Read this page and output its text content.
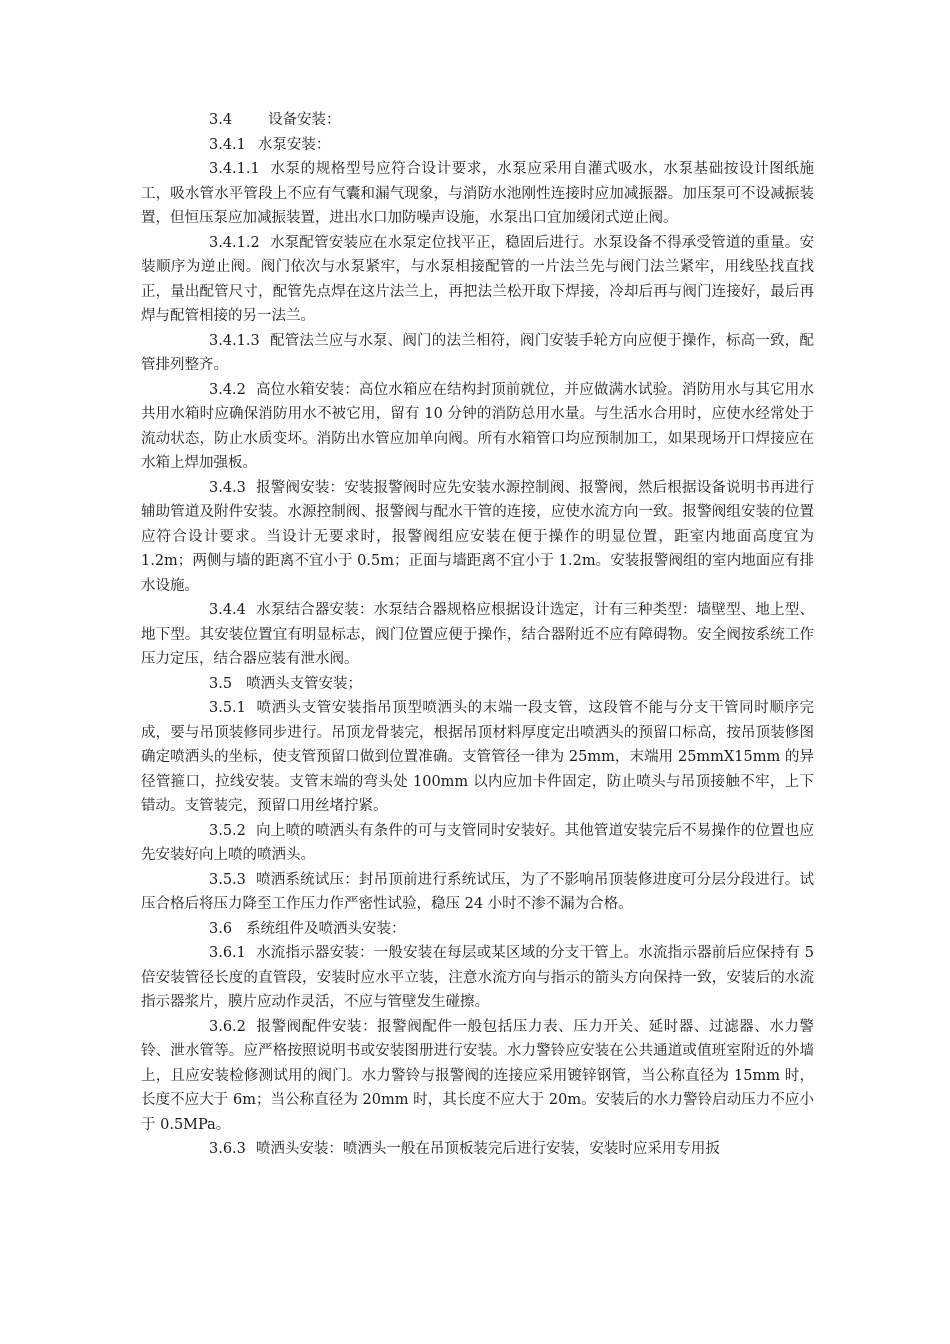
3.4 设备安装：

3.4.1 水泵安装：

3.4.1.1 水泵的规格型号应符合设计要求，水泵应采用自灌式吸水，水泵基础按设计图纸施工，吸水管水平管段上不应有气囊和漏气现象，与消防水池刚性连接时应加减振器。加压泵可不设减振装置，但恒压泵应加减振装置，进出水口加防噪声设施，水泵出口宜加缓闭式逆止阀。

3.4.1.2 水泵配管安装应在水泵定位找平正，稳固后进行。水泵设备不得承受管道的重量。安装顺序为逆止阀。阀门依次与水泵紧牢，与水泵相接配管的一片法兰先与阀门法兰紧牢，用线坠找直找正，量出配管尺寸，配管先点焊在这片法兰上，再把法兰松开取下焊接，冷却后再与阀门连接好，最后再焊与配管相接的另一法兰。

3.4.1.3 配管法兰应与水泵、阀门的法兰相符，阀门安装手轮方向应便于操作，标高一致，配管排列整齐。

3.4.2 高位水箱安装：高位水箱应在结构封顶前就位，并应做满水试验。消防用水与其它用水共用水箱时应确保消防用水不被它用，留有 10 分钟的消防总用水量。与生活水合用时，应使水经常处于流动状态，防止水质变坏。消防出水管应加单向阀。所有水箱管口均应预制加工，如果现场开口焊接应在水箱上焊加强板。

3.4.3 报警阀安装：安装报警阀时应先安装水源控制阀、报警阀，然后根据设备说明书再进行辅助管道及附件安装。水源控制阀、报警阀与配水干管的连接，应使水流方向一致。报警阀组安装的位置应符合设计要求。当设计无要求时，报警阀组应安装在便于操作的明显位置，距室内地面高度宜为 1.2m；两侧与墙的距离不宜小于 0.5m；正面与墙距离不宜小于 1.2m。安装报警阀组的室内地面应有排水设施。

3.4.4 水泵结合器安装：水泵结合器规格应根据设计选定，计有三种类型：墙壁型、地上型、地下型。其安装位置宜有明显标志，阀门位置应便于操作，结合器附近不应有障碍物。安全阀按系统工作压力定压，结合器应装有泄水阀。

3.5 喷洒头支管安装；

3.5.1 喷洒头支管安装指吊顶型喷洒头的末端一段支管，这段管不能与分支干管同时顺序完成，要与吊顶装修同步进行。吊顶龙骨装完，根据吊顶材料厚度定出喷洒头的预留口标高，按吊顶装修图确定喷洒头的坐标，使支管预留口做到位置准确。支管管径一律为 25mm，末端用 25mmΧ15mm 的异径管箍口，拉线安装。支管末端的弯头处 100mm 以内应加卡件固定，防止喷头与吊顶接触不牢，上下错动。支管装完，预留口用丝堵拧紧。

3.5.2 向上喷的喷洒头有条件的可与支管同时安装好。其他管道安装完后不易操作的位置也应先安装好向上喷的喷洒头。

3.5.3 喷洒系统试压：封吊顶前进行系统试压，为了不影响吊顶装修进度可分层分段进行。试压合格后将压力降至工作压力作严密性试验，稳压 24 小时不渗不漏为合格。

3.6 系统组件及喷洒头安装：

3.6.1 水流指示器安装：一般安装在每层或某区域的分支干管上。水流指示器前后应保持有 5 倍安装管径长度的直管段，安装时应水平立装，注意水流方向与指示的箭头方向保持一致，安装后的水流指示器浆片，膜片应动作灵活，不应与管壁发生碰擦。

3.6.2 报警阀配件安装：报警阀配件一般包括压力表、压力开关、延时器、过滤器、水力警铃、泄水管等。应严格按照说明书或安装图册进行安装。水力警铃应安装在公共通道或值班室附近的外墙上，且应安装检修测试用的阀门。水力警铃与报警阀的连接应采用镀锌钢管，当公称直径为 15mm 时，长度不应大于 6m；当公称直径为 20mm 时，其长度不应大于 20m。安装后的水力警铃启动压力不应小于 0.5MPa。

3.6.3 喷洒头安装：喷洒头一般在吊顶板装完后进行安装，安装时应采用专用扳
